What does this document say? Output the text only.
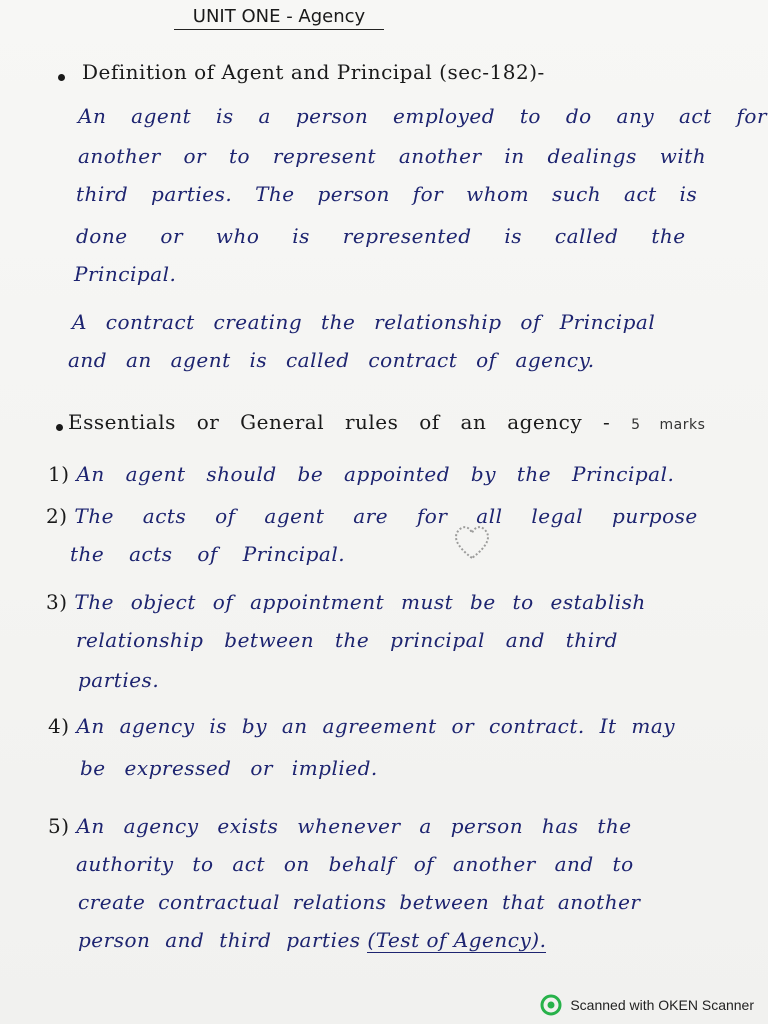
UNIT ONE - Agency
Definition of Agent and Principal (sec-182)-
An agent is a person employed to do any act for
another or to represent another in dealings with
third parties. The person for whom such act is
done or who is represented is called the
Principal.
A contract creating the relationship of Principal
and an agent is called contract of agency.
Essentials or General rules of an agency - 5 marks
1) An agent should be appointed by the Principal.
2) The acts of agent are for all legal purpose
the acts of Principal.
3) The object of appointment must be to establish
relationship between the principal and third
parties.
4) An agency is by an agreement or contract. It may
be expressed or implied.
5) An agency exists whenever a person has the
authority to act on behalf of another and to
create contractual relations between that another
person and third parties (Test of Agency).
Scanned with OKEN Scanner
